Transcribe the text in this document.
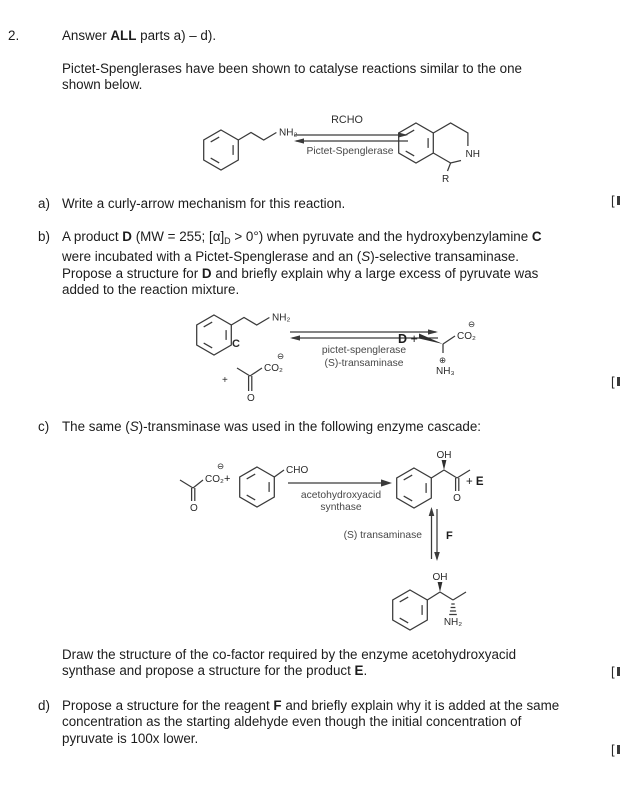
2.	Answer ALL parts a) – d).
Pictet-Spenglerases have been shown to catalyse reactions similar to the one shown below.
NH₂
RCHO
Pictet-Spenglerase	NH
R
a) Write a curly-arrow mechanism for this reaction.	[
b) A product D (MW = 255; $[\alpha]_D > 0^\circ$) when pyruvate and the hydroxybenzylamine C were incubated with a Pictet-Spenglerase and an (S)-selective transaminase. Propose a structure for D and briefly explain why a large excess of pyruvate was added to the reaction mixture.
[
NH₂
C
+
O
CO₂
⊖	pictet-spenglerase
(S)-transaminase
D +	CO₂
⊖
⊕
NH₃
c) The same (S)-transminase was used in the following enzyme cascade:
O
CO₂
⊖
+
CHO
acetohydroxyacid
synthase
OH
O
+ E
(S) transaminase F
OH
NH₂
Draw the structure of the co-factor required by the enzyme acetohydroxyacid synthase and propose a structure for the product E.	[
d) Propose a structure for the reagent F and briefly explain why it is added at the same concentration as the starting aldehyde even though the initial concentration of pyruvate is 100x lower.
[
